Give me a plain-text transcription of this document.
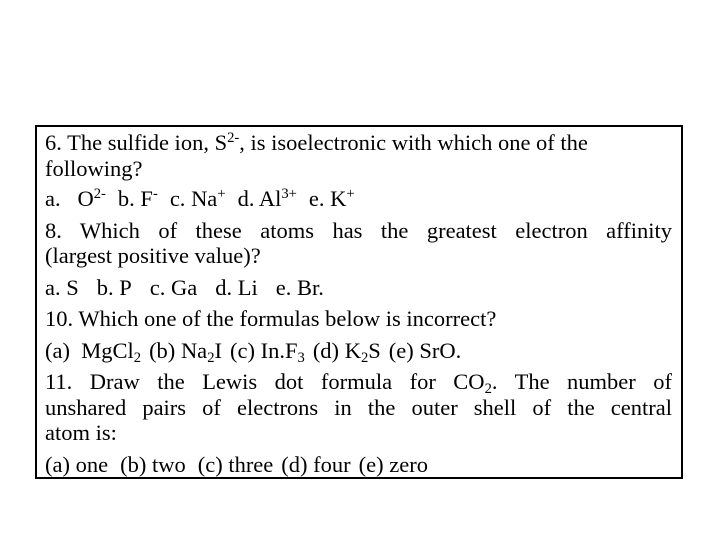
6. The sulfide ion, $S^{2-}$, is isoelectronic with which one of the
following?
a. $O^{2-}$ b. F- c. Na+ d. $Al^{3+}$ e. K+
8. Which of these atoms has the greatest electron affinity
(largest positive value)?
a. S b. P c. Ga d. Li e. Br.
10. Which one of the formulas below is incorrect?
(a) MgCl$_2$ (b) $Na_2I$ (c) $In.F_3$ (d) $K_2S$ (e) SrO.
11. Draw the Lewis dot formula for $CO_2$. The number of
unshared pairs of electrons in the outer shell of the central
atom is:
(a) one (b) two (c) three (d) four (e) zero
